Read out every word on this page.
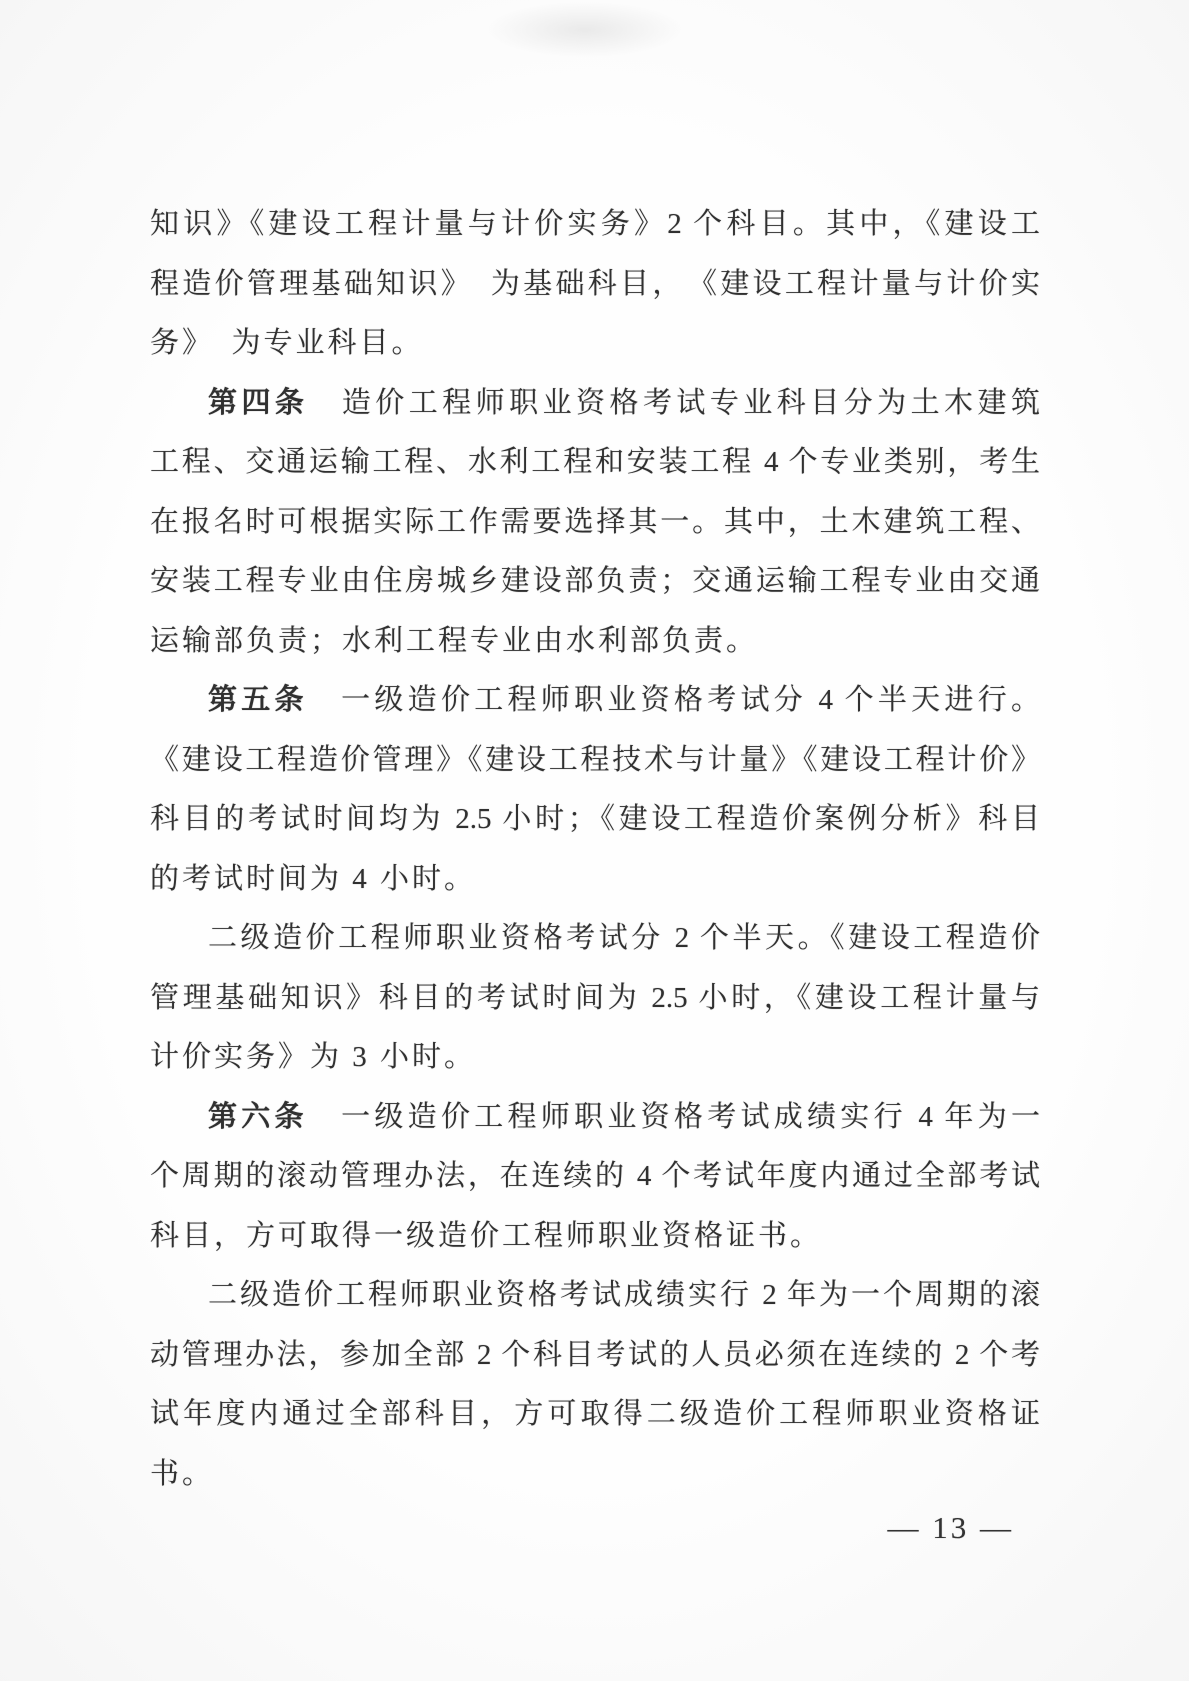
知识》《建设工程计量与计价实务》2 个科目。其中，《建设工
程造价管理基础知识》　为基础科目，　《建设工程计量与计价实
务》　为专业科目。
第四条　造价工程师职业资格考试专业科目分为土木建筑
工程、交通运输工程、水利工程和安装工程 4 个专业类别，考生
在报名时可根据实际工作需要选择其一。其中，土木建筑工程、
安装工程专业由住房城乡建设部负责；交通运输工程专业由交通
运输部负责；水利工程专业由水利部负责。
第五条　一级造价工程师职业资格考试分 4 个半天进行。
《建设工程造价管理》《建设工程技术与计量》《建设工程计价》
科目的考试时间均为 2.5 小时；《建设工程造价案例分析》科目
的考试时间为 4 小时。
二级造价工程师职业资格考试分 2 个半天。《建设工程造价
管理基础知识》科目的考试时间为 2.5 小时，《建设工程计量与
计价实务》为 3 小时。
第六条　一级造价工程师职业资格考试成绩实行 4 年为一
个周期的滚动管理办法，在连续的 4 个考试年度内通过全部考试
科目，方可取得一级造价工程师职业资格证书。
二级造价工程师职业资格考试成绩实行 2 年为一个周期的滚
动管理办法，参加全部 2 个科目考试的人员必须在连续的 2 个考
试年度内通过全部科目，方可取得二级造价工程师职业资格证
书。
— 13 —
